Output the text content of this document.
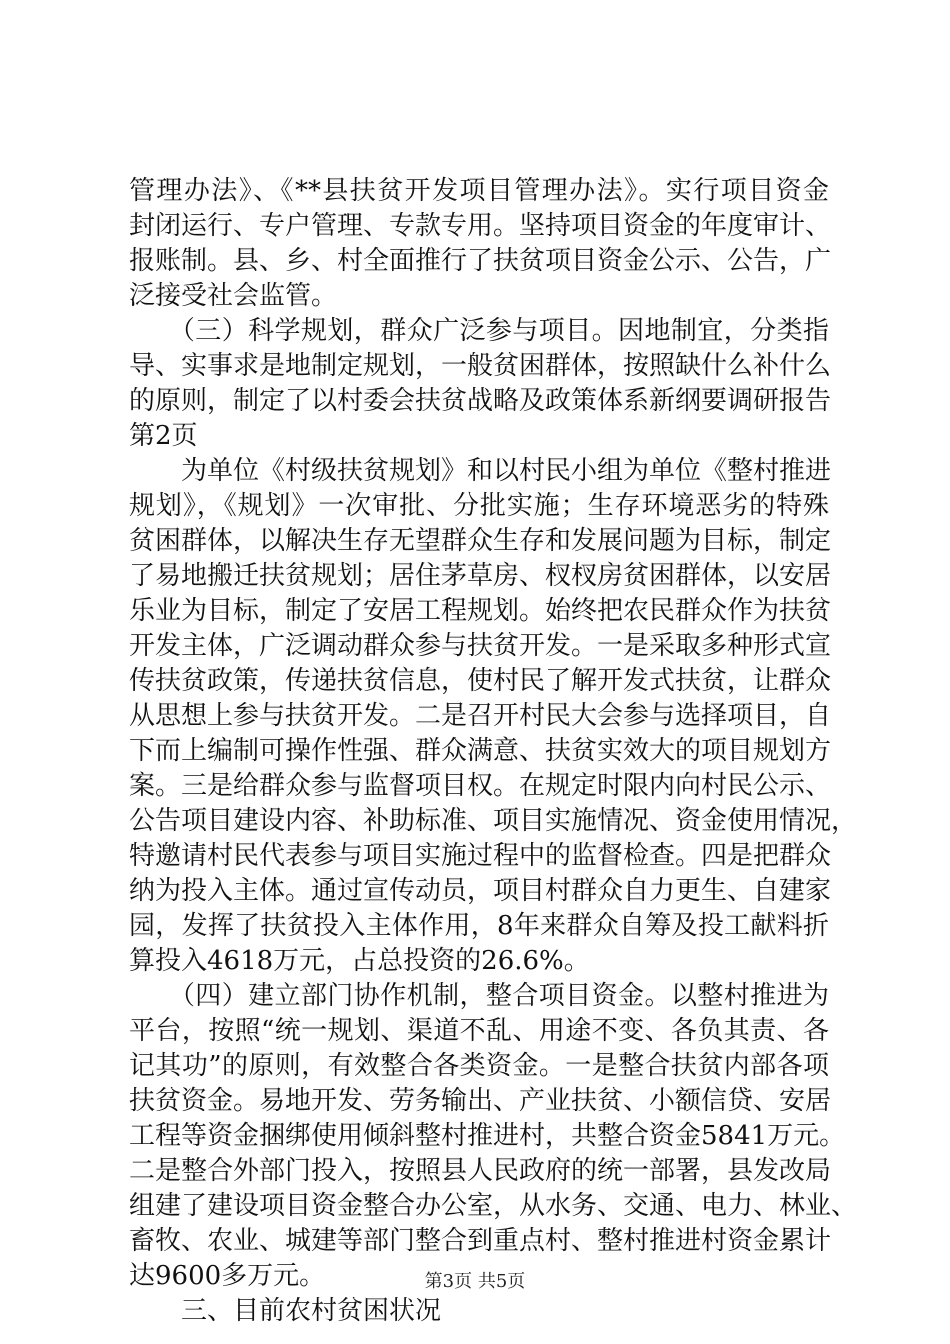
管理办法》、《**县扶贫开发项目管理办法》。实行项目资金
封闭运行、专户管理、专款专用。坚持项目资金的年度审计、
报账制。县、乡、村全面推行了扶贫项目资金公示、公告，广
泛接受社会监管。
　　（三）科学规划，群众广泛参与项目。因地制宜，分类指
导、实事求是地制定规划，一般贫困群体，按照缺什么补什么
的原则，制定了以村委会扶贫战略及政策体系新纲要调研报告
第2页
　　为单位《村级扶贫规划》和以村民小组为单位《整村推进
规划》，《规划》一次审批、分批实施；生存环境恶劣的特殊
贫困群体，以解决生存无望群众生存和发展问题为目标，制定
了易地搬迁扶贫规划；居住茅草房、杈杈房贫困群体，以安居
乐业为目标，制定了安居工程规划。始终把农民群众作为扶贫
开发主体，广泛调动群众参与扶贫开发。一是采取多种形式宣
传扶贫政策，传递扶贫信息，使村民了解开发式扶贫，让群众
从思想上参与扶贫开发。二是召开村民大会参与选择项目，自
下而上编制可操作性强、群众满意、扶贫实效大的项目规划方
案。三是给群众参与监督项目权。在规定时限内向村民公示、
公告项目建设内容、补助标准、项目实施情况、资金使用情况，
特邀请村民代表参与项目实施过程中的监督检查。四是把群众
纳为投入主体。通过宣传动员，项目村群众自力更生、自建家
园，发挥了扶贫投入主体作用，8年来群众自筹及投工献料折
算投入4618万元，占总投资的26.6%。
　　（四）建立部门协作机制，整合项目资金。以整村推进为
平台，按照“统一规划、渠道不乱、用途不变、各负其责、各
记其功”的原则，有效整合各类资金。一是整合扶贫内部各项
扶贫资金。易地开发、劳务输出、产业扶贫、小额信贷、安居
工程等资金捆绑使用倾斜整村推进村，共整合资金5841万元。
二是整合外部门投入，按照县人民政府的统一部署，县发改局
组建了建设项目资金整合办公室，从水务、交通、电力、林业、
畜牧、农业、城建等部门整合到重点村、整村推进村资金累计
达9600多万元。
　　三、目前农村贫困状况
第3页 共5页
